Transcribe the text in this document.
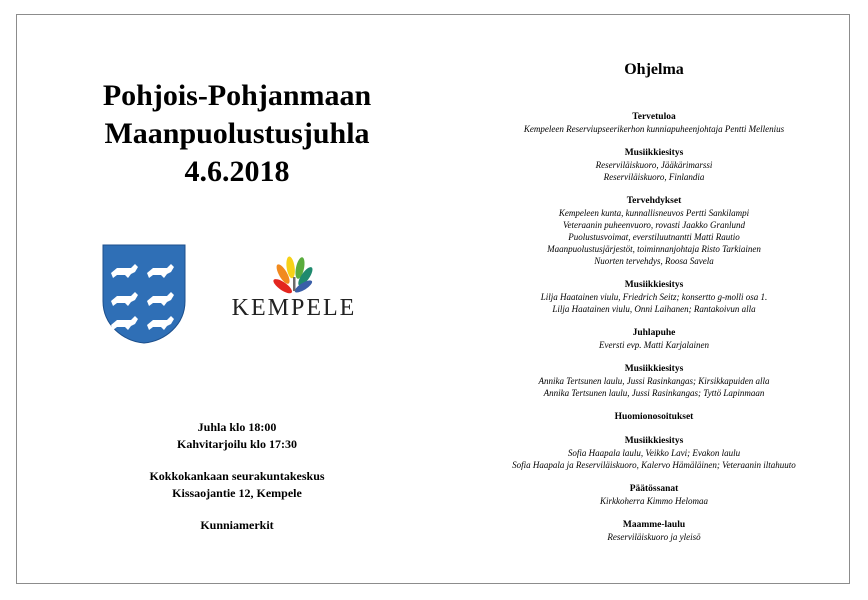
Pohjois-Pohjanmaan
Maanpuolustusjuhla
4.6.2018
KEMPELE
Juhla klo 18:00
Kahvitarjoilu klo 17:30
Kokkokankaan seurakuntakeskus
Kissaojantie 12, Kempele
Kunniamerkit
Ohjelma
Tervetuloa
Kempeleen Reserviupseerikerhon kunniapuheenjohtaja Pentti Mellenius
Musiikkiesitys
Reserviläiskuoro, Jääkärimarssi
Reserviläiskuoro, Finlandia
Tervehdykset
Kempeleen kunta, kunnallisneuvos Pertti Sankilampi
Veteraanin puheenvuoro, rovasti Jaakko Granlund
Puolustusvoimat, everstiluutnantti Matti Rautio
Maanpuolustusjärjestöt, toiminnanjohtaja Risto Tarkiainen
Nuorten tervehdys, Roosa Savela
Musiikkiesitys
Lilja Haatainen viulu, Friedrich Seitz; konsertto g-molli osa 1.
Lilja Haatainen viulu, Onni Laihanen; Rantakoivun alla
Juhlapuhe
Eversti evp. Matti Karjalainen
Musiikkiesitys
Annika Tertsunen laulu, Jussi Rasinkangas; Kirsikkapuiden alla
Annika Tertsunen laulu, Jussi Rasinkangas; Tyttö Lapinmaan
Huomionosoitukset
Musiikkiesitys
Sofia Haapala laulu, Veikko Lavi; Evakon laulu
Sofia Haapala ja Reserviläiskuoro, Kalervo Hämäläinen; Veteraanin iltahuuto
Päätössanat
Kirkkoherra Kimmo Helomaa
Maamme-laulu
Reserviläiskuoro ja yleisö
